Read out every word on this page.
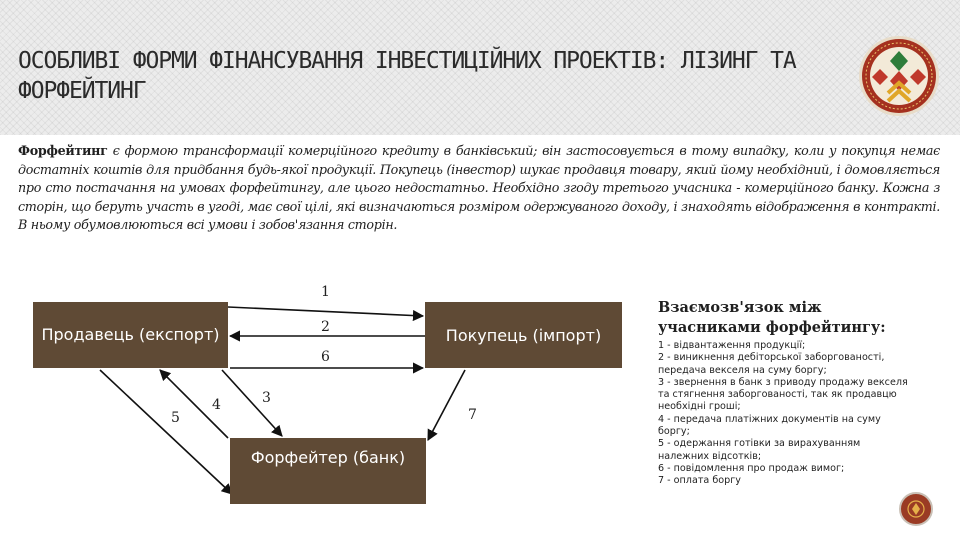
ОСОБЛИВІ ФОРМИ ФІНАНСУВАННЯ ІНВЕСТИЦІЙНИХ ПРОЕКТІВ: ЛІЗИНГ ТА ФОРФЕЙТИНГ

Форфейтинг є формою трансформації комерційного кредиту в банківський; він застосовується в тому випадку, коли у покупця немає достатніх коштів для придбання будь-якої продукції. Покупець (інвестор) шукає продавця товару, який йому необхідний, і домовляється про сто постачання на умовах форфейтингу, але цього недостатньо. Необхідно згоду третього учасника - комерційного банку. Кожна з сторін, що беруть участь в угоді, має свої цілі, які визначаються розміром одержуваного доходу, і знаходять відображення в контракті. В ньому обумовлюються всі умови і зобов'язання сторін.

Продавець (експорт)	Покупець (імпорт)
Форфейтер (банк)
1
2
6
3
4
5	7

Взаємозв'язок між учасниками форфейтингу:

1 - відвантаження продукції;
2 - виникнення дебіторської заборгованості, передача векселя на суму боргу;
3 - звернення в банк з приводу продажу векселя та стягнення заборгованості, так як продавцю необхідні гроші;
4 - передача платіжних документів на суму боргу;
5 - одержання готівки за вирахуванням належних відсотків;
6 - повідомлення про продаж вимог;
7 - оплата боргу
